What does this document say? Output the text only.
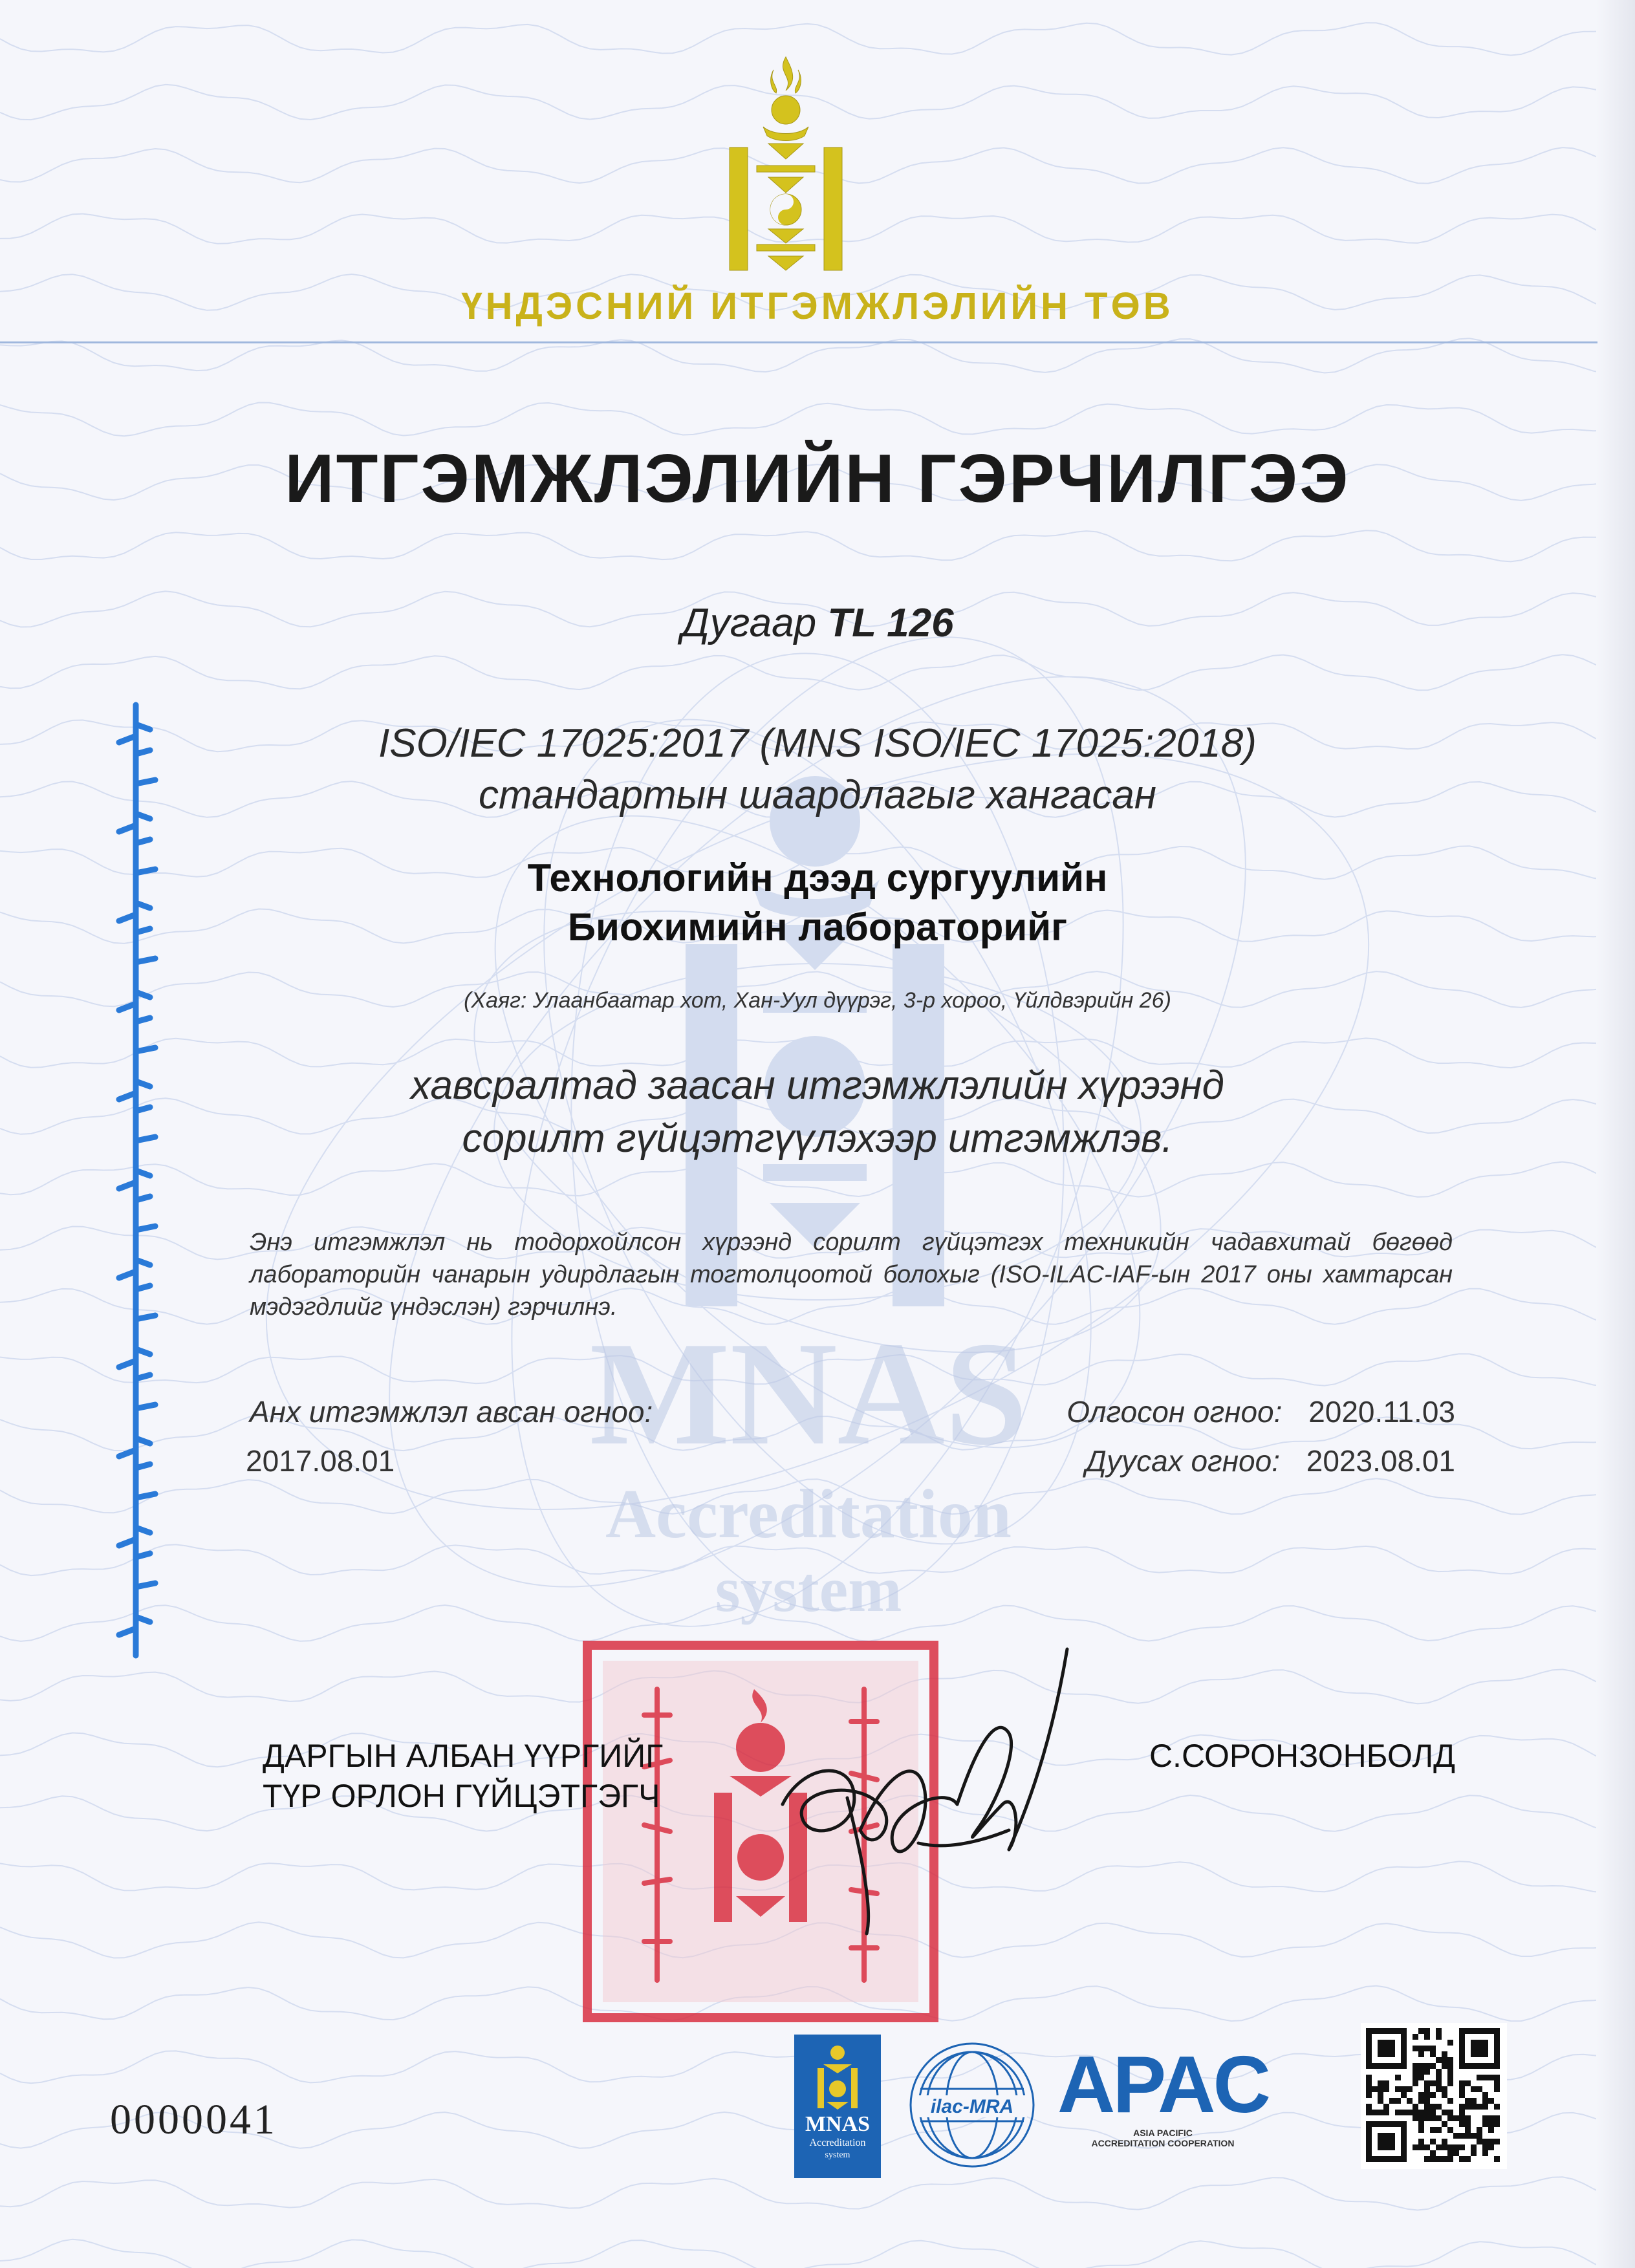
ҮНДЭСНИЙ ИТГЭМЖЛЭЛИЙН ТӨВ
MNAS
Accreditation
system
ИТГЭМЖЛЭЛИЙН ГЭРЧИЛГЭЭ
Дугаар TL 126
ISO/IEC 17025:2017 (MNS ISO/IEC 17025:2018)
стандартын шаардлагыг хангасан
Технологийн дээд сургуулийн
Биохимийн лабораторийг
(Хаяг: Улаанбаатар хот, Хан-Уул дүүрэг, 3-р хороо, Үйлдвэрийн 26)
хавсралтад заасан итгэмжлэлийн хүрээнд
сорилт гүйцэтгүүлэхээр итгэмжлэв.
Энэ итгэмжлэл нь тодорхойлсон хүрээнд сорилт гүйцэтгэх техникийн чадавхитай бөгөөд лабораторийн чанарын удирдлагын тогтолцоотой болохыг (ISO-ILAC-IAF-ын 2017 оны хамтарсан мэдэгдлийг үндэслэн) гэрчилнэ.
Анх итгэмжлэл авсан огноо:
2017.08.01
Олгосон огноо: 2020.11.03
Дуусах огноо: 2023.08.01
ДАРГЫН АЛБАН ҮҮРГИЙГ
ТҮР ОРЛОН ГҮЙЦЭТГЭГЧ
С.СОРОНЗОНБОЛД
0000041	MNAS
Accreditation
system
ilac-MRA APAC
ASIA PACIFIC
ACCREDITATION COOPERATION
